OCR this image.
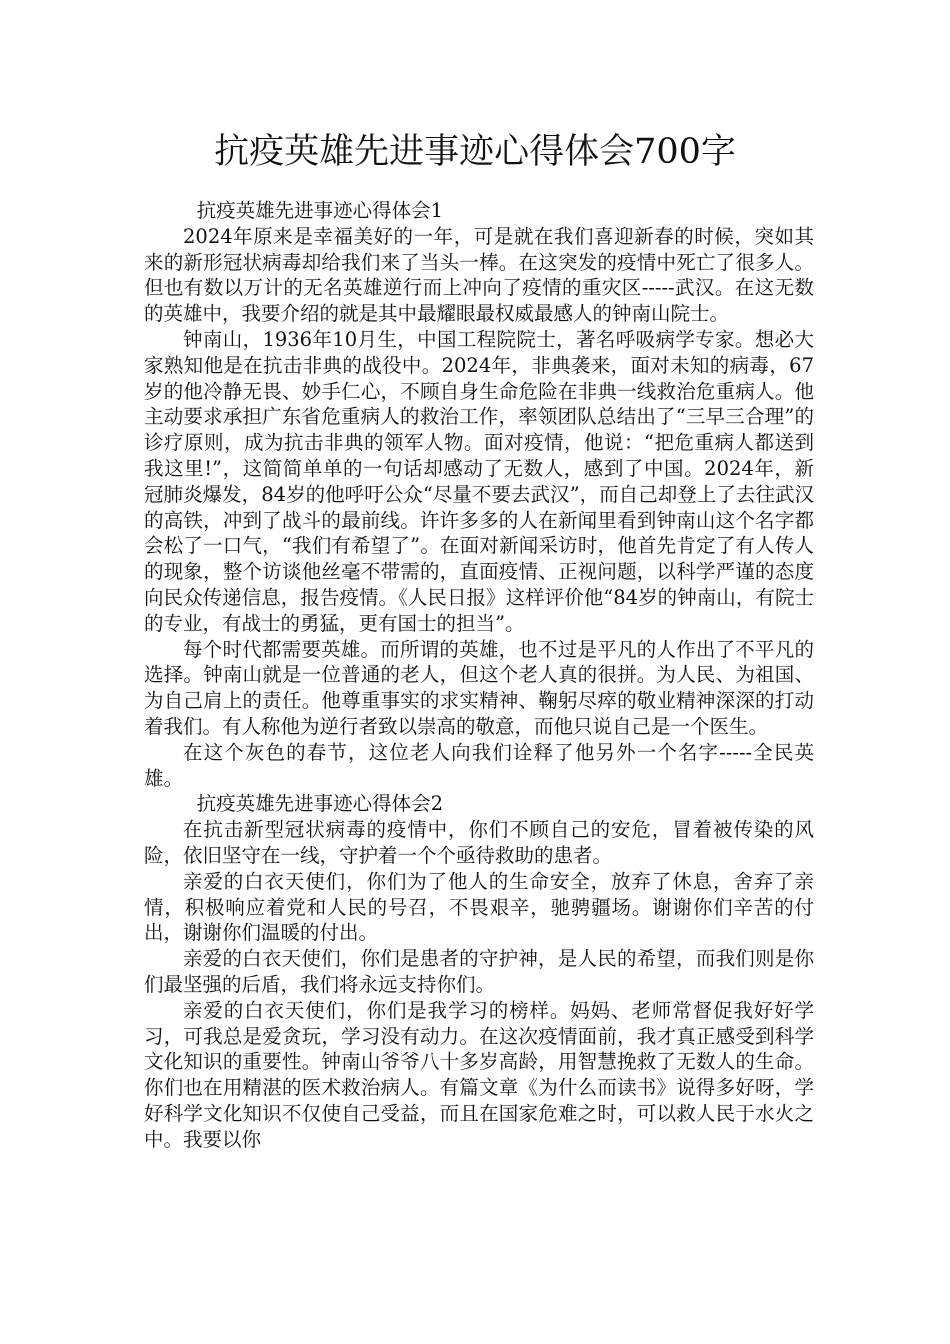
抗疫英雄先进事迹心得体会700字

抗疫英雄先进事迹心得体会1

2024年原来是幸福美好的一年，可是就在我们喜迎新春的时候，突如其来的新形冠状病毒却给我们来了当头一棒。在这突发的疫情中死亡了很多人。但也有数以万计的无名英雄逆行而上冲向了疫情的重灾区-----武汉。在这无数的英雄中，我要介绍的就是其中最耀眼最权威最感人的钟南山院士。

钟南山，1936年10月生，中国工程院院士，著名呼吸病学专家。想必大家熟知他是在抗击非典的战役中。2024年，非典袭来，面对未知的病毒，67岁的他冷静无畏、妙手仁心，不顾自身生命危险在非典一线救治危重病人。他主动要求承担广东省危重病人的救治工作，率领团队总结出了“三早三合理”的诊疗原则，成为抗击非典的领军人物。面对疫情，他说：“把危重病人都送到我这里!”，这简简单单的一句话却感动了无数人，感到了中国。2024年，新冠肺炎爆发，84岁的他呼吁公众“尽量不要去武汉”，而自己却登上了去往武汉的高铁，冲到了战斗的最前线。许许多多的人在新闻里看到钟南山这个名字都会松了一口气，“我们有希望了”。在面对新闻采访时，他首先肯定了有人传人的现象，整个访谈他丝毫不带需的，直面疫情、正视问题，以科学严谨的态度向民众传递信息，报告疫情。《人民日报》这样评价他“84岁的钟南山，有院士的专业，有战士的勇猛，更有国士的担当”。

每个时代都需要英雄。而所谓的英雄，也不过是平凡的人作出了不平凡的选择。钟南山就是一位普通的老人，但这个老人真的很拼。为人民、为祖国、为自己肩上的责任。他尊重事实的求实精神、鞠躬尽瘁的敬业精神深深的打动着我们。有人称他为逆行者致以崇高的敬意，而他只说自己是一个医生。

在这个灰色的春节，这位老人向我们诠释了他另外一个名字-----全民英雄。

抗疫英雄先进事迹心得体会2

在抗击新型冠状病毒的疫情中，你们不顾自己的安危，冒着被传染的风险，依旧坚守在一线，守护着一个个亟待救助的患者。

亲爱的白衣天使们，你们为了他人的生命安全，放弃了休息，舍弃了亲情，积极响应着党和人民的号召，不畏艰辛，驰骋疆场。谢谢你们辛苦的付出，谢谢你们温暖的付出。

亲爱的白衣天使们，你们是患者的守护神，是人民的希望，而我们则是你们最坚强的后盾，我们将永远支持你们。

亲爱的白衣天使们，你们是我学习的榜样。妈妈、老师常督促我好好学习，可我总是爱贪玩，学习没有动力。在这次疫情面前，我才真正感受到科学文化知识的重要性。钟南山爷爷八十多岁高龄，用智慧挽救了无数人的生命。你们也在用精湛的医术救治病人。有篇文章《为什么而读书》说得多好呀，学好科学文化知识不仅使自己受益，而且在国家危难之时，可以救人民于水火之中。我要以你
